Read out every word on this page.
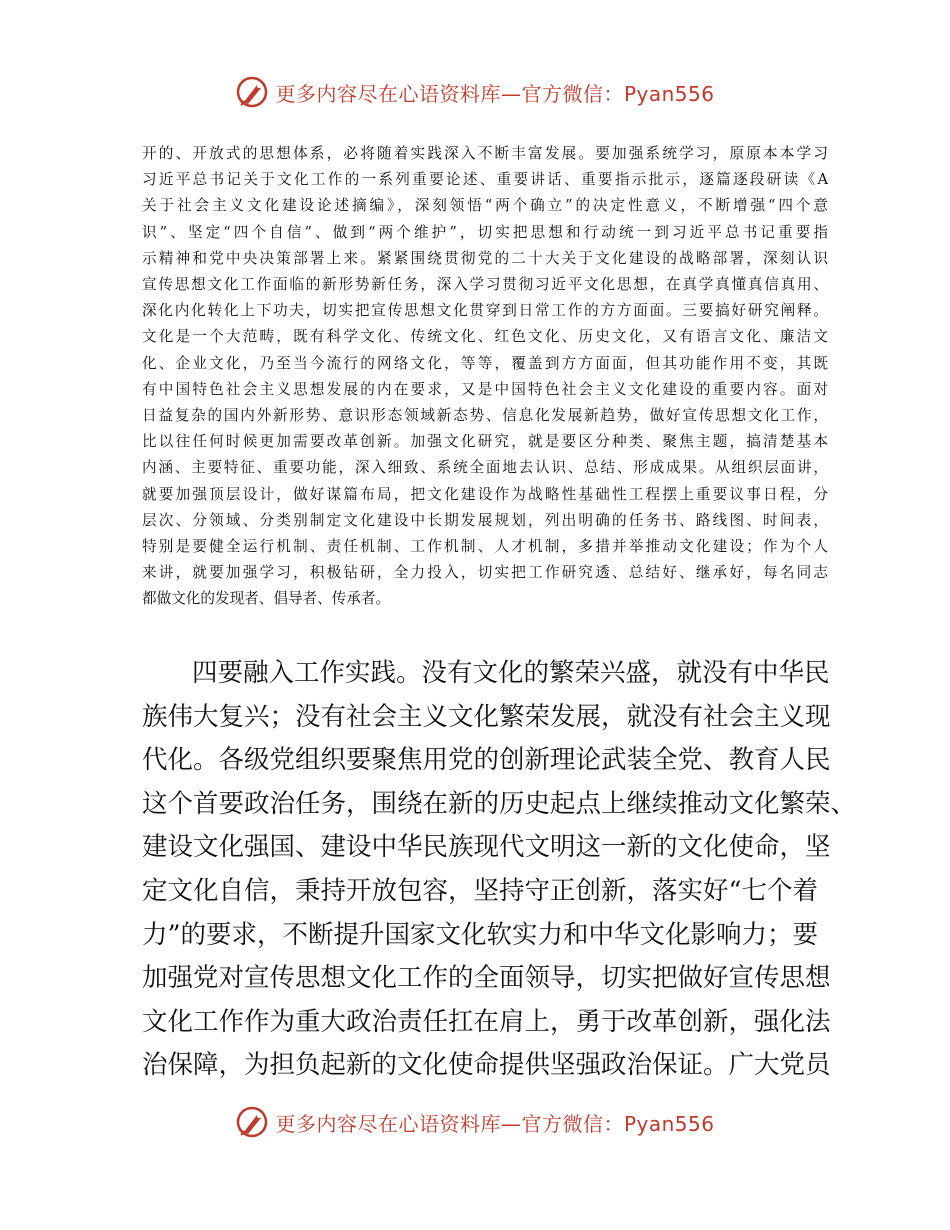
更多内容尽在心语资料库—官方微信：Pyan556
开的、开放式的思想体系，必将随着实践深入不断丰富发展。要加强系统学习，原原本本学习
习近平总书记关于文化工作的一系列重要论述、重要讲话、重要指示批示，逐篇逐段研读《A
关于社会主义文化建设论述摘编》，深刻领悟“两个确立”的决定性意义，不断增强“四个意
识”、坚定“四个自信”、做到“两个维护”，切实把思想和行动统一到习近平总书记重要指
示精神和党中央决策部署上来。紧紧围绕贯彻党的二十大关于文化建设的战略部署，深刻认识
宣传思想文化工作面临的新形势新任务，深入学习贯彻习近平文化思想，在真学真懂真信真用、
深化内化转化上下功夫，切实把宣传思想文化贯穿到日常工作的方方面面。三要搞好研究阐释。
文化是一个大范畴，既有科学文化、传统文化、红色文化、历史文化，又有语言文化、廉洁文
化、企业文化，乃至当今流行的网络文化，等等，覆盖到方方面面，但其功能作用不变，其既
有中国特色社会主义思想发展的内在要求，又是中国特色社会主义文化建设的重要内容。面对
日益复杂的国内外新形势、意识形态领域新态势、信息化发展新趋势，做好宣传思想文化工作，
比以往任何时候更加需要改革创新。加强文化研究，就是要区分种类、聚焦主题，搞清楚基本
内涵、主要特征、重要功能，深入细致、系统全面地去认识、总结、形成成果。从组织层面讲，
就要加强顶层设计，做好谋篇布局，把文化建设作为战略性基础性工程摆上重要议事日程，分
层次、分领域、分类别制定文化建设中长期发展规划，列出明确的任务书、路线图、时间表，
特别是要健全运行机制、责任机制、工作机制、人才机制，多措并举推动文化建设；作为个人
来讲，就要加强学习，积极钻研，全力投入，切实把工作研究透、总结好、继承好，每名同志
都做文化的发现者、倡导者、传承者。
四要融入工作实践。没有文化的繁荣兴盛，就没有中华民
族伟大复兴；没有社会主义文化繁荣发展，就没有社会主义现
代化。各级党组织要聚焦用党的创新理论武装全党、教育人民
这个首要政治任务，围绕在新的历史起点上继续推动文化繁荣、
建设文化强国、建设中华民族现代文明这一新的文化使命，坚
定文化自信，秉持开放包容，坚持守正创新，落实好“七个着
力”的要求，不断提升国家文化软实力和中华文化影响力；要
加强党对宣传思想文化工作的全面领导，切实把做好宣传思想
文化工作作为重大政治责任扛在肩上，勇于改革创新，强化法
治保障，为担负起新的文化使命提供坚强政治保证。广大党员
更多内容尽在心语资料库—官方微信：Pyan556
